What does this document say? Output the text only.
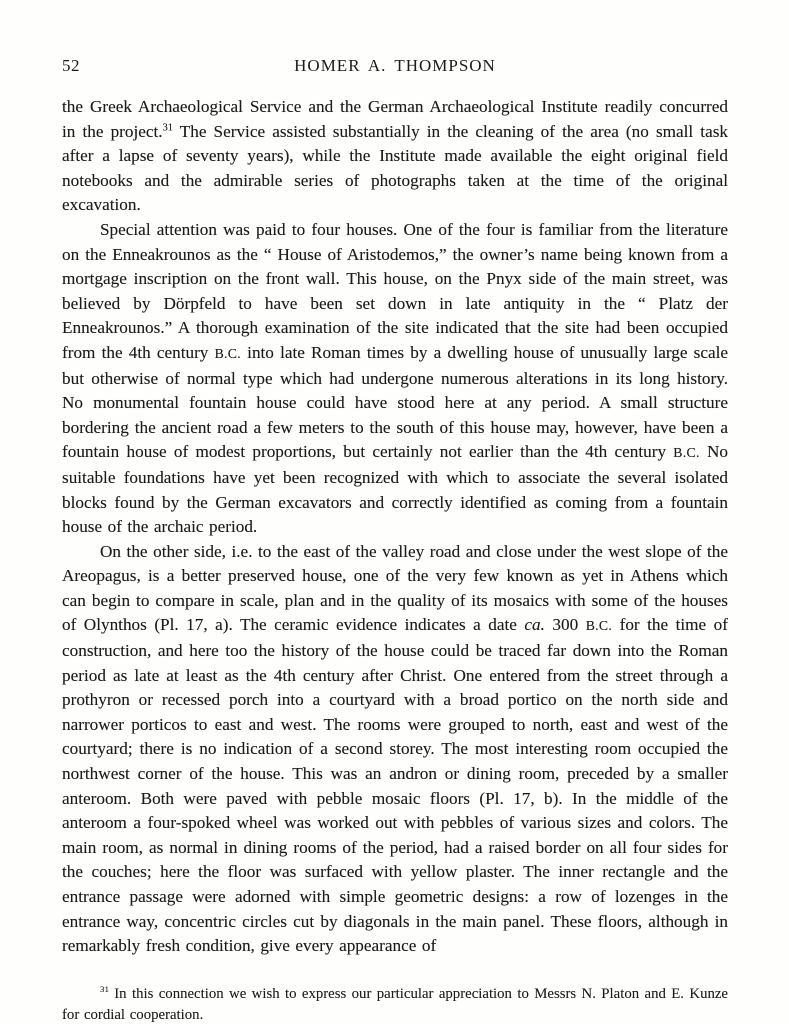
52	HOMER A. THOMPSON

the Greek Archaeological Service and the German Archaeological Institute readily concurred in the project.$^{31}$ The Service assisted substantially in the cleaning of the area (no small task after a lapse of seventy years), while the Institute made available the eight original field notebooks and the admirable series of photographs taken at the time of the original excavation.

Special attention was paid to four houses. One of the four is familiar from the literature on the Enneakrounos as the “ House of Aristodemos,” the owner’s name being known from a mortgage inscription on the front wall. This house, on the Pnyx side of the main street, was believed by Dörpfeld to have been set down in late antiquity in the “ Platz der Enneakrounos.” A thorough examination of the site indicated that the site had been occupied from the 4th century B.C. into late Roman times by a dwelling house of unusually large scale but otherwise of normal type which had undergone numerous alterations in its long history. No monumental fountain house could have stood here at any period. A small structure bordering the ancient road a few meters to the south of this house may, however, have been a fountain house of modest proportions, but certainly not earlier than the 4th century B.C. No suitable foundations have yet been recognized with which to associate the several isolated blocks found by the German excavators and correctly identified as coming from a fountain house of the archaic period.

On the other side, i.e. to the east of the valley road and close under the west slope of the Areopagus, is a better preserved house, one of the very few known as yet in Athens which can begin to compare in scale, plan and in the quality of its mosaics with some of the houses of Olynthos (Pl. 17, a). The ceramic evidence indicates a date ca. 300 B.C. for the time of construction, and here too the history of the house could be traced far down into the Roman period as late at least as the 4th century after Christ. One entered from the street through a prothyron or recessed porch into a courtyard with a broad portico on the north side and narrower porticos to east and west. The rooms were grouped to north, east and west of the courtyard; there is no indication of a second storey. The most interesting room occupied the northwest corner of the house. This was an andron or dining room, preceded by a smaller anteroom. Both were paved with pebble mosaic floors (Pl. 17, b). In the middle of the anteroom a four-spoked wheel was worked out with pebbles of various sizes and colors. The main room, as normal in dining rooms of the period, had a raised border on all four sides for the couches; here the floor was surfaced with yellow plaster. The inner rectangle and the entrance passage were adorned with simple geometric designs: a row of lozenges in the entrance way, concentric circles cut by diagonals in the main panel. These floors, although in remarkably fresh condition, give every appearance of

$^{31}$ In this connection we wish to express our particular appreciation to Messrs N. Platon and E. Kunze for cordial cooperation.
